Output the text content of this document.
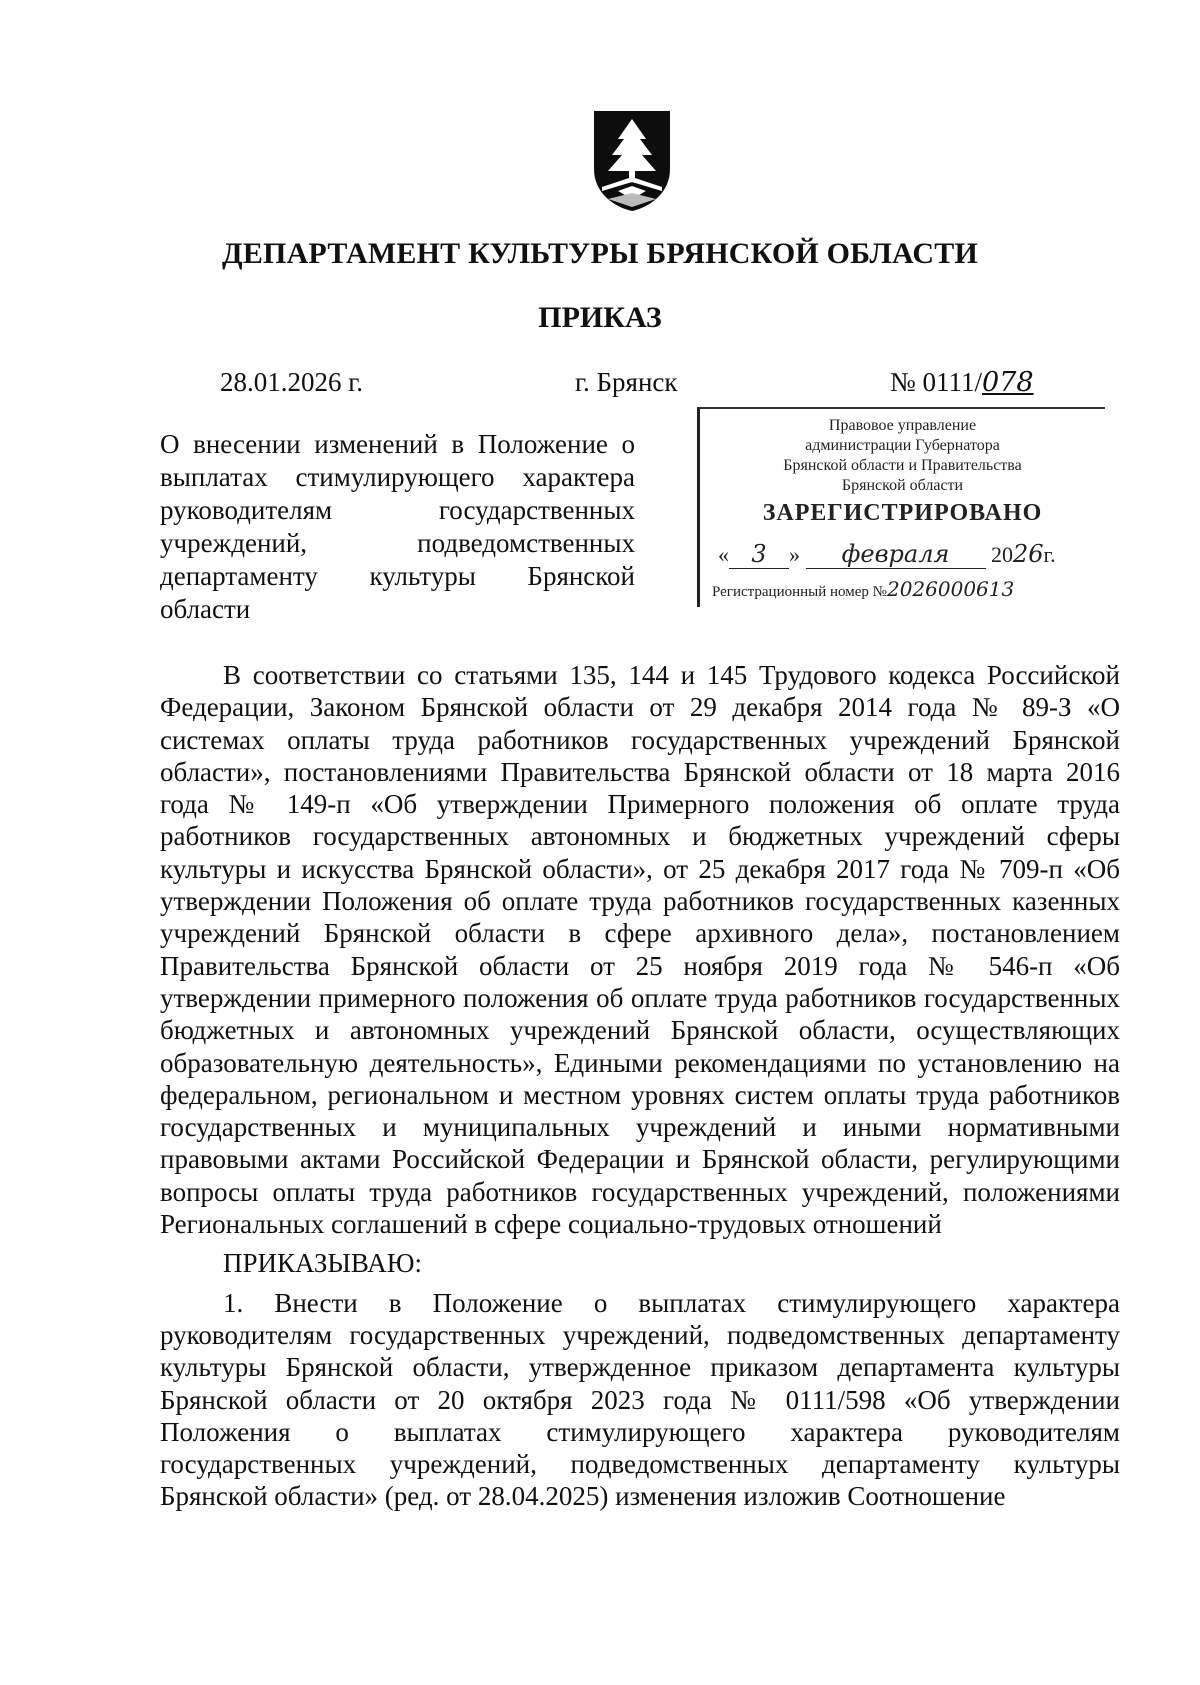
ДЕПАРТАМЕНТ КУЛЬТУРЫ БРЯНСКОЙ ОБЛАСТИ
ПРИКАЗ
28.01.2026 г.	г. Брянск	№ 0111/078
О внесении изменений в Положение о
выплатах стимулирующего характера
руководителям государственных
учреждений, подведомственных
департаменту культуры Брянской
области
Правовое управление
администрации Губернатора
Брянской области и Правительства
Брянской области
ЗАРЕГИСТРИРОВАНО
« 3 » февраля 2026г.
Регистрационный номер №2026000613

В соответствии со статьями 135, 144 и 145 Трудового кодекса Российской Федерации, Законом Брянской области от 29 декабря 2014 года № 89-З «О системах оплаты труда работников государственных учреждений Брянской области», постановлениями Правительства Брянской области от 18 марта 2016 года № 149-п «Об утверждении Примерного положения об оплате труда работников государственных автономных и бюджетных учреждений сферы культуры и искусства Брянской области», от 25 декабря 2017 года № 709-п «Об утверждении Положения об оплате труда работников государственных казенных учреждений Брянской области в сфере архивного дела», постановлением Правительства Брянской области от 25 ноября 2019 года № 546-п «Об утверждении примерного положения об оплате труда работников государственных бюджетных и автономных учреждений Брянской области, осуществляющих образовательную деятельность», Едиными рекомендациями по установлению на федеральном, региональном и местном уровнях систем оплаты труда работников государственных и муниципальных учреждений и иными нормативными правовыми актами Российской Федерации и Брянской области, регулирующими вопросы оплаты труда работников государственных учреждений, положениями Региональных соглашений в сфере социально-трудовых отношений

ПРИКАЗЫВАЮ:

1. Внести в Положение о выплатах стимулирующего характера руководителям государственных учреждений, подведомственных департаменту культуры Брянской области, утвержденное приказом департамента культуры Брянской области от 20 октября 2023 года № 0111/598 «Об утверждении Положения о выплатах стимулирующего характера руководителям государственных учреждений, подведомственных департаменту культуры Брянской области» (ред. от 28.04.2025) изменения изложив Соотношение
